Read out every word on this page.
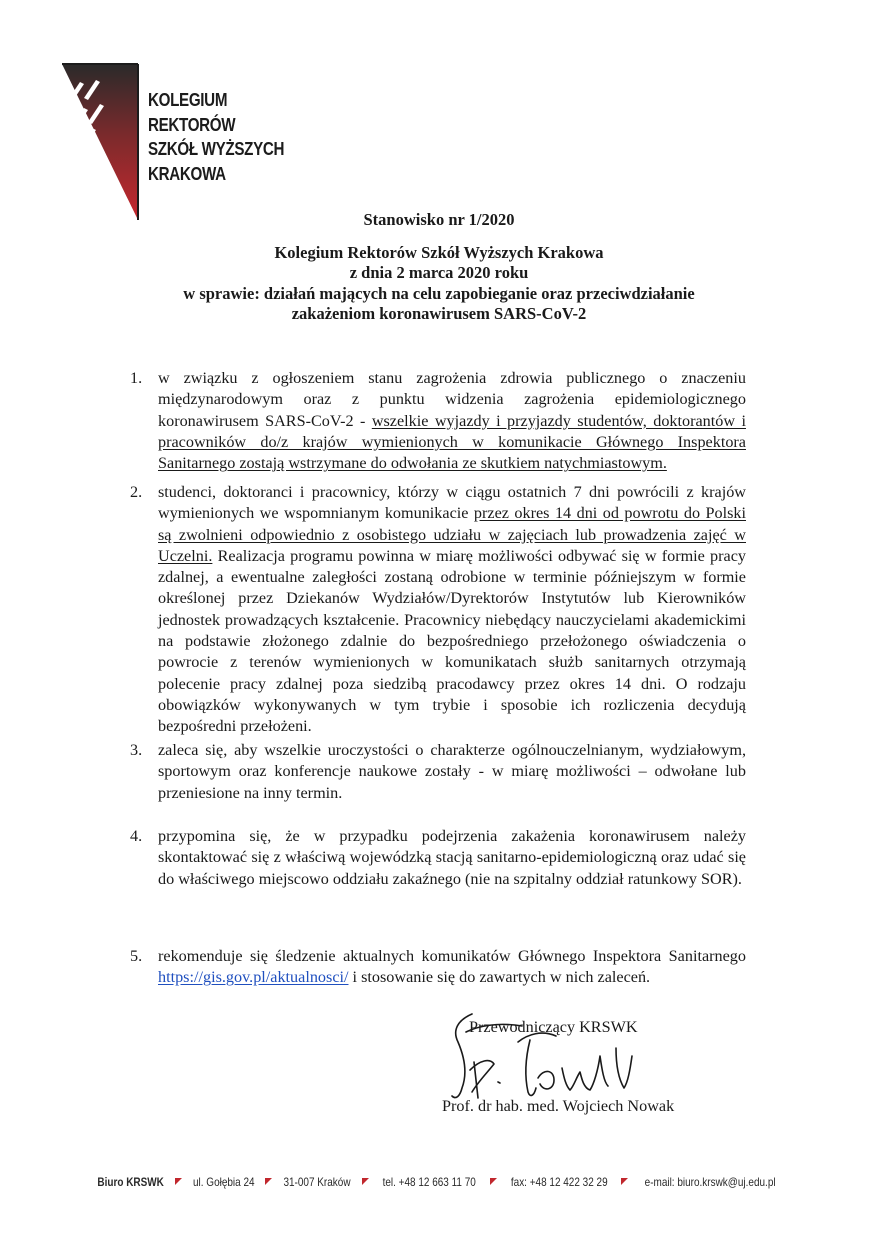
KOLEGIUM
REKTORÓW
SZKÓŁ WYŻSZYCH
KRAKOWA
Stanowisko nr 1/2020
Kolegium Rektorów Szkół Wyższych Krakowa
z dnia 2 marca 2020 roku
w sprawie: działań mających na celu zapobieganie oraz przeciwdziałanie
zakażeniom koronawirusem SARS-CoV-2
1. w związku z ogłoszeniem stanu zagrożenia zdrowia publicznego o znaczeniu międzynarodowym oraz z punktu widzenia zagrożenia epidemiologicznego koronawirusem SARS-CoV-2 - wszelkie wyjazdy i przyjazdy studentów, doktorantów i pracowników do/z krajów wymienionych w komunikacie Głównego Inspektora Sanitarnego zostają wstrzymane do odwołania ze skutkiem natychmiastowym.
2. studenci, doktoranci i pracownicy, którzy w ciągu ostatnich 7 dni powrócili z krajów wymienionych we wspomnianym komunikacie przez okres 14 dni od powrotu do Polski są zwolnieni odpowiednio z osobistego udziału w zajęciach lub prowadzenia zajęć w Uczelni. Realizacja programu powinna w miarę możliwości odbywać się w formie pracy zdalnej, a ewentualne zaległości zostaną odrobione w terminie późniejszym w formie określonej przez Dziekanów Wydziałów/Dyrektorów Instytutów lub Kierowników jednostek prowadzących kształcenie. Pracownicy niebędący nauczycielami akademickimi na podstawie złożonego zdalnie do bezpośredniego przełożonego oświadczenia o powrocie z terenów wymienionych w komunikatach służb sanitarnych otrzymają polecenie pracy zdalnej poza siedzibą pracodawcy przez okres 14 dni. O rodzaju obowiązków wykonywanych w tym trybie i sposobie ich rozliczenia decydują bezpośredni przełożeni.
3. zaleca się, aby wszelkie uroczystości o charakterze ogólnouczelnianym, wydziałowym, sportowym oraz konferencje naukowe zostały - w miarę możliwości – odwołane lub przeniesione na inny termin.
4. przypomina się, że w przypadku podejrzenia zakażenia koronawirusem należy skontaktować się z właściwą wojewódzką stacją sanitarno-epidemiologiczną oraz udać się do właściwego miejscowo oddziału zakaźnego (nie na szpitalny oddział ratunkowy SOR).
5. rekomenduje się śledzenie aktualnych komunikatów Głównego Inspektora Sanitarnego https://gis.gov.pl/aktualnosci/ i stosowanie się do zawartych w nich zaleceń.
Przewodniczący KRSWK
Prof. dr hab. med. Wojciech Nowak
Biuro KRSWK	ul. Gołębia 24	31-007 Kraków	tel. +48 12 663 11 70	fax: +48 12 422 32 29	e-mail: biuro.krswk@uj.edu.pl
